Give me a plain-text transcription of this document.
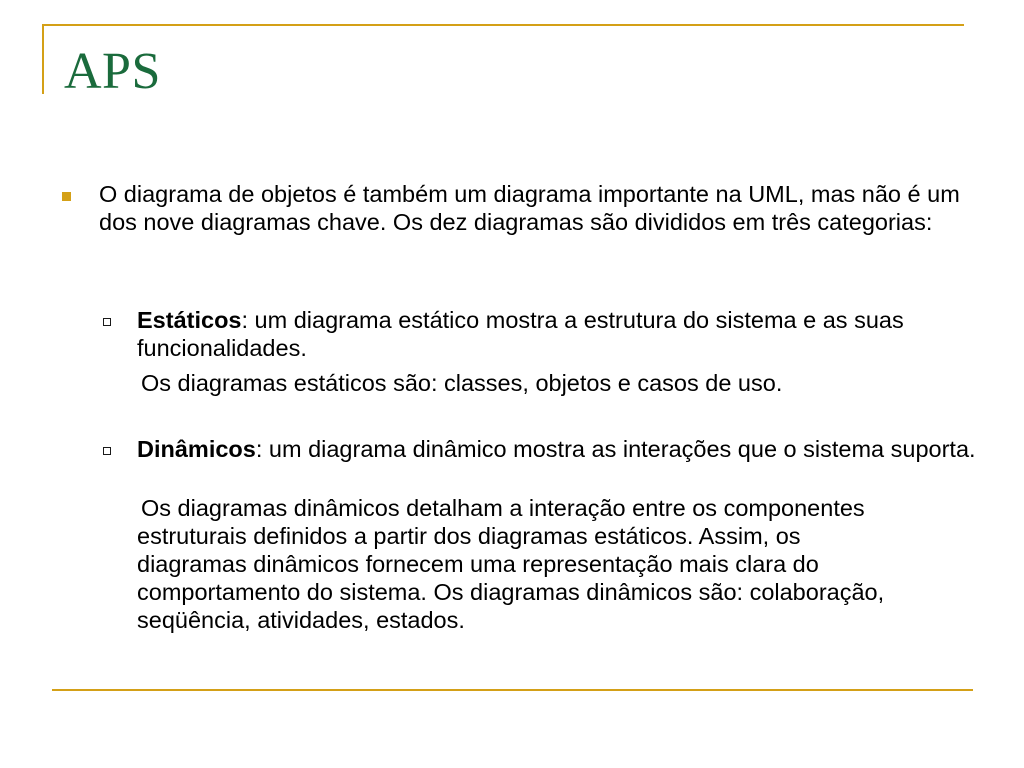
APS
O diagrama de objetos é também um diagrama importante na UML, mas não é um dos nove diagramas chave. Os dez diagramas são divididos em três categorias:
Estáticos: um diagrama estático mostra a estrutura do sistema e as suas funcionalidades.
Os diagramas estáticos são: classes, objetos e casos de uso.
Dinâmicos: um diagrama dinâmico mostra as interações que o sistema suporta.
Os diagramas dinâmicos detalham a interação entre os componentes estruturais definidos a partir dos diagramas estáticos. Assim, os diagramas dinâmicos fornecem uma representação mais clara do comportamento do sistema. Os diagramas dinâmicos são: colaboração, seqüência, atividades, estados.
